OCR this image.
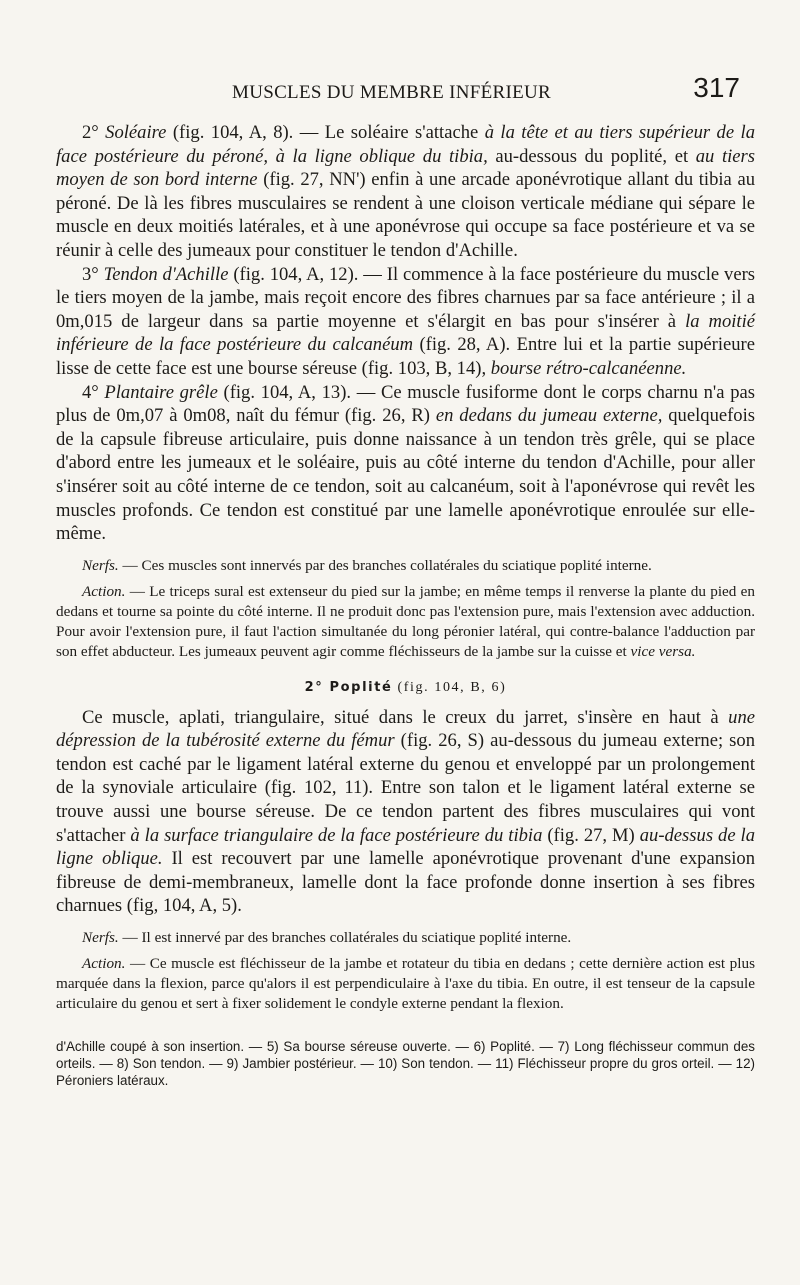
MUSCLES DU MEMBRE INFÉRIEUR	317

2° Soléaire (fig. 104, A, 8). — Le soléaire s'attache à la tête et au tiers supérieur de la face postérieure du péroné, à la ligne oblique du tibia, au-dessous du poplité, et au tiers moyen de son bord interne (fig. 27, NN') enfin à une arcade aponévrotique allant du tibia au péroné. De là les fibres musculaires se rendent à une cloison verticale médiane qui sépare le muscle en deux moitiés latérales, et à une aponévrose qui occupe sa face postérieure et va se réunir à celle des jumeaux pour constituer le tendon d'Achille.

3° Tendon d'Achille (fig. 104, A, 12). — Il commence à la face postérieure du muscle vers le tiers moyen de la jambe, mais reçoit encore des fibres charnues par sa face antérieure ; il a 0m,015 de largeur dans sa partie moyenne et s'élargit en bas pour s'insérer à la moitié inférieure de la face postérieure du calcanéum (fig. 28, A). Entre lui et la partie supérieure lisse de cette face est une bourse séreuse (fig. 103, B, 14), bourse rétro-calcanéenne.

4° Plantaire grêle (fig. 104, A, 13). — Ce muscle fusiforme dont le corps charnu n'a pas plus de 0m,07 à 0m08, naît du fémur (fig. 26, R) en dedans du jumeau externe, quelquefois de la capsule fibreuse articulaire, puis donne naissance à un tendon très grêle, qui se place d'abord entre les jumeaux et le soléaire, puis au côté interne du tendon d'Achille, pour aller s'insérer soit au côté interne de ce tendon, soit au calcanéum, soit à l'aponévrose qui revêt les muscles profonds. Ce tendon est constitué par une lamelle aponévrotique enroulée sur elle-même.

Nerfs. — Ces muscles sont innervés par des branches collatérales du sciatique poplité interne.

Action. — Le triceps sural est extenseur du pied sur la jambe; en même temps il renverse la plante du pied en dedans et tourne sa pointe du côté interne. Il ne produit donc pas l'extension pure, mais l'extension avec adduction. Pour avoir l'extension pure, il faut l'action simultanée du long péronier latéral, qui contre-balance l'adduction par son effet abducteur. Les jumeaux peuvent agir comme fléchisseurs de la jambe sur la cuisse et vice versa.

2° Poplité (fig. 104, B, 6)

Ce muscle, aplati, triangulaire, situé dans le creux du jarret, s'insère en haut à une dépression de la tubérosité externe du fémur (fig. 26, S) au-dessous du jumeau externe; son tendon est caché par le ligament latéral externe du genou et enveloppé par un prolongement de la synoviale articulaire (fig. 102, 11). Entre son talon et le ligament latéral externe se trouve aussi une bourse séreuse. De ce tendon partent des fibres musculaires qui vont s'attacher à la surface triangulaire de la face postérieure du tibia (fig. 27, M) au-dessus de la ligne oblique. Il est recouvert par une lamelle aponévrotique provenant d'une expansion fibreuse de demi-membraneux, lamelle dont la face profonde donne insertion à ses fibres charnues (fig, 104, A, 5).

Nerfs. — Il est innervé par des branches collatérales du sciatique poplité interne.

Action. — Ce muscle est fléchisseur de la jambe et rotateur du tibia en dedans ; cette dernière action est plus marquée dans la flexion, parce qu'alors il est perpendiculaire à l'axe du tibia. En outre, il est tenseur de la capsule articulaire du genou et sert à fixer solidement le condyle externe pendant la flexion.

d'Achille coupé à son insertion. — 5) Sa bourse séreuse ouverte. — 6) Poplité. — 7) Long fléchisseur commun des orteils. — 8) Son tendon. — 9) Jambier postérieur. — 10) Son tendon. — 11) Fléchisseur propre du gros orteil. — 12) Péroniers latéraux.
